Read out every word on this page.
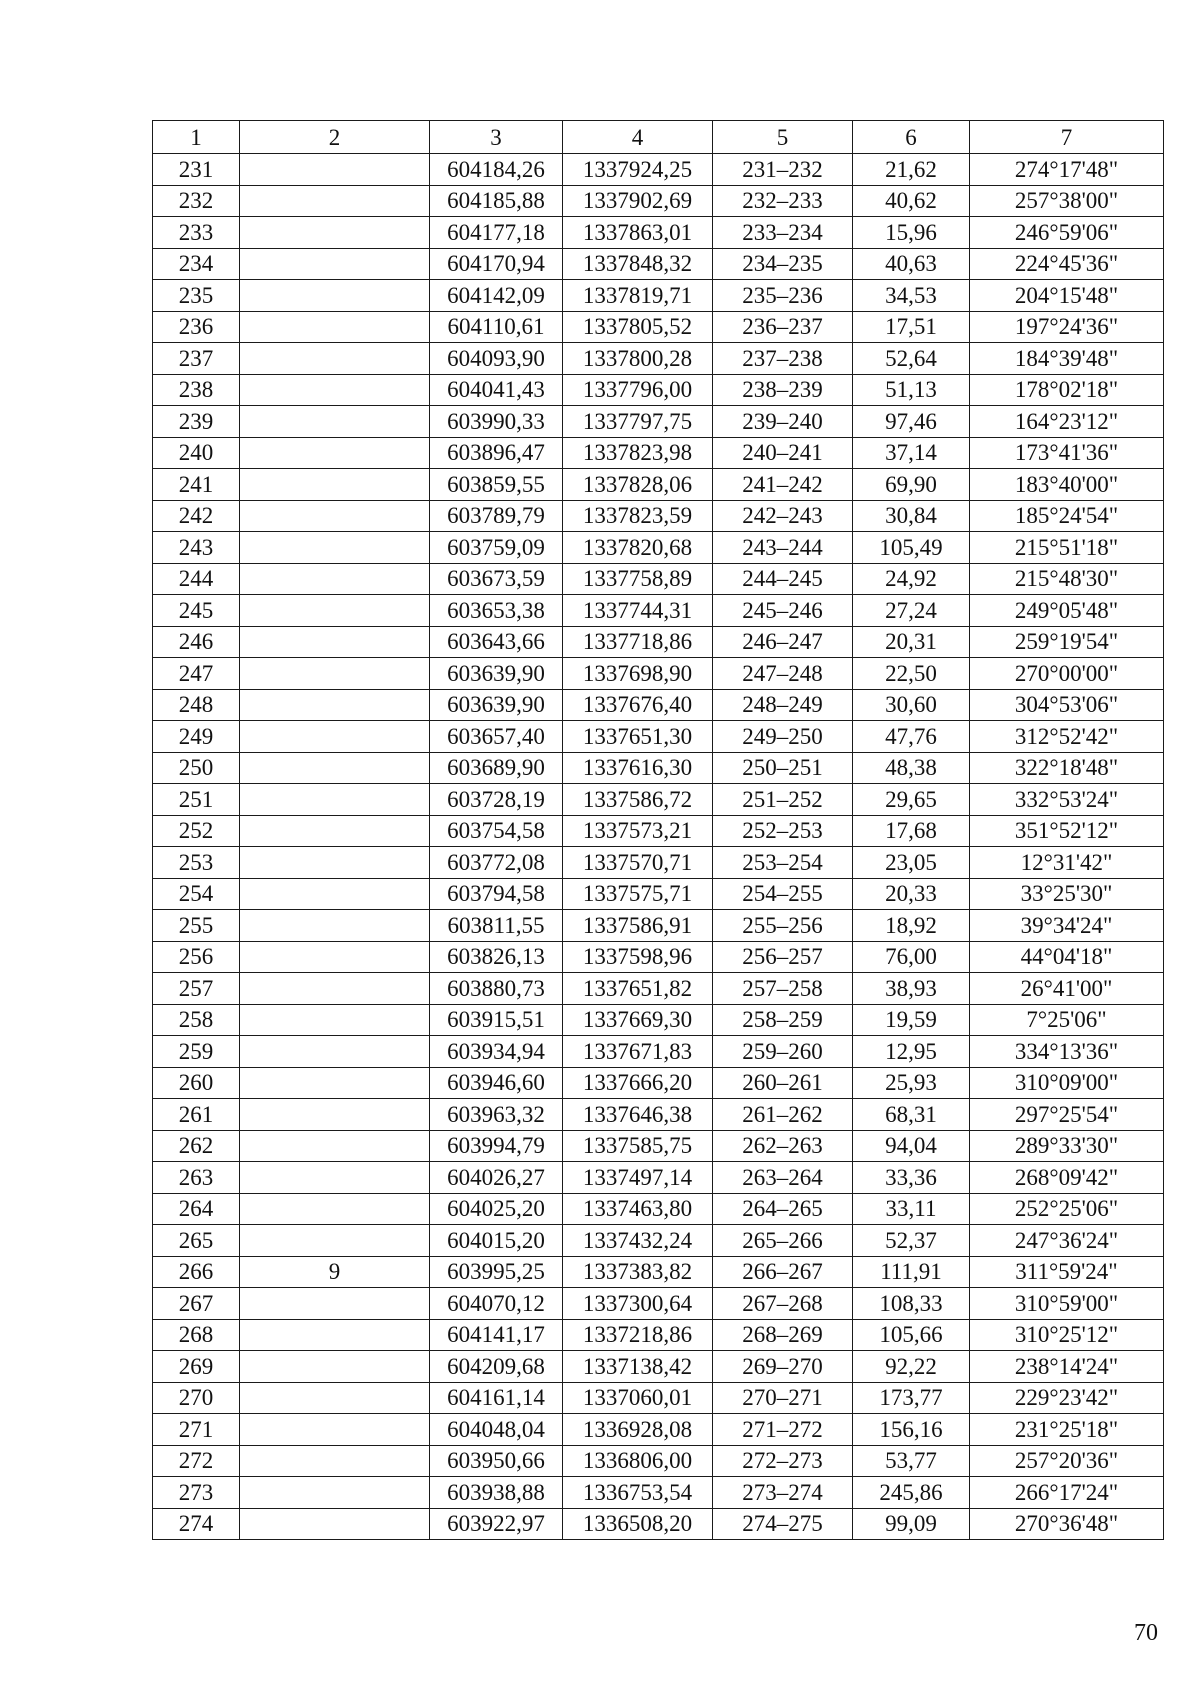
1	2	3	4	5	6	7
231		604184,26	1337924,25	231–232	21,62	274°17'48"
232		604185,88	1337902,69	232–233	40,62	257°38'00"
233		604177,18	1337863,01	233–234	15,96	246°59'06"
234		604170,94	1337848,32	234–235	40,63	224°45'36"
235		604142,09	1337819,71	235–236	34,53	204°15'48"
236		604110,61	1337805,52	236–237	17,51	197°24'36"
237		604093,90	1337800,28	237–238	52,64	184°39'48"
238		604041,43	1337796,00	238–239	51,13	178°02'18"
239		603990,33	1337797,75	239–240	97,46	164°23'12"
240		603896,47	1337823,98	240–241	37,14	173°41'36"
241		603859,55	1337828,06	241–242	69,90	183°40'00"
242		603789,79	1337823,59	242–243	30,84	185°24'54"
243		603759,09	1337820,68	243–244	105,49	215°51'18"
244		603673,59	1337758,89	244–245	24,92	215°48'30"
245		603653,38	1337744,31	245–246	27,24	249°05'48"
246		603643,66	1337718,86	246–247	20,31	259°19'54"
247		603639,90	1337698,90	247–248	22,50	270°00'00"
248		603639,90	1337676,40	248–249	30,60	304°53'06"
249		603657,40	1337651,30	249–250	47,76	312°52'42"
250		603689,90	1337616,30	250–251	48,38	322°18'48"
251		603728,19	1337586,72	251–252	29,65	332°53'24"
252		603754,58	1337573,21	252–253	17,68	351°52'12"
253		603772,08	1337570,71	253–254	23,05	12°31'42"
254		603794,58	1337575,71	254–255	20,33	33°25'30"
255		603811,55	1337586,91	255–256	18,92	39°34'24"
256		603826,13	1337598,96	256–257	76,00	44°04'18"
257		603880,73	1337651,82	257–258	38,93	26°41'00"
258		603915,51	1337669,30	258–259	19,59	7°25'06"
259		603934,94	1337671,83	259–260	12,95	334°13'36"
260		603946,60	1337666,20	260–261	25,93	310°09'00"
261		603963,32	1337646,38	261–262	68,31	297°25'54"
262		603994,79	1337585,75	262–263	94,04	289°33'30"
263		604026,27	1337497,14	263–264	33,36	268°09'42"
264		604025,20	1337463,80	264–265	33,11	252°25'06"
265		604015,20	1337432,24	265–266	52,37	247°36'24"
266	9	603995,25	1337383,82	266–267	111,91	311°59'24"
267		604070,12	1337300,64	267–268	108,33	310°59'00"
268		604141,17	1337218,86	268–269	105,66	310°25'12"
269		604209,68	1337138,42	269–270	92,22	238°14'24"
270		604161,14	1337060,01	270–271	173,77	229°23'42"
271		604048,04	1336928,08	271–272	156,16	231°25'18"
272		603950,66	1336806,00	272–273	53,77	257°20'36"
273		603938,88	1336753,54	273–274	245,86	266°17'24"
274		603922,97	1336508,20	274–275	99,09	270°36'48"
70
